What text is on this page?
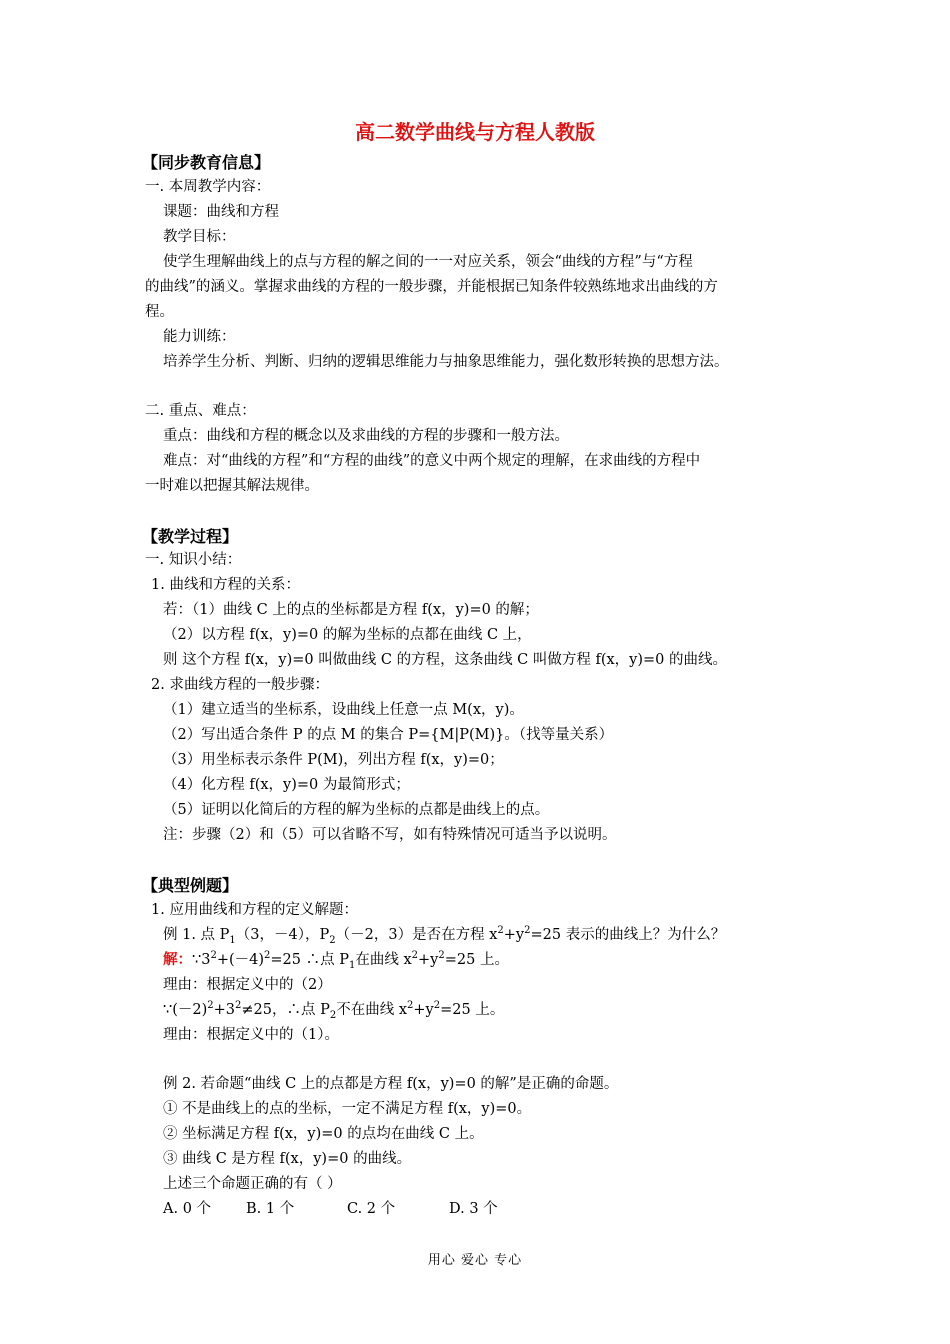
高二数学曲线与方程人教版
【同步教育信息】
一. 本周教学内容：
课题：曲线和方程
教学目标：
使学生理解曲线上的点与方程的解之间的一一对应关系，领会“曲线的方程”与“方程
的曲线”的涵义。掌握求曲线的方程的一般步骤，并能根据已知条件较熟练地求出曲线的方
程。
能力训练：
培养学生分析、判断、归纳的逻辑思维能力与抽象思维能力，强化数形转换的思想方法。
二. 重点、难点：
重点：曲线和方程的概念以及求曲线的方程的步骤和一般方法。
难点：对“曲线的方程”和“方程的曲线”的意义中两个规定的理解，在求曲线的方程中
一时难以把握其解法规律。
【教学过程】
一. 知识小结：
1. 曲线和方程的关系：
若：（1）曲线 C 上的点的坐标都是方程 f(x，y)=0 的解；
（2）以方程 f(x，y)=0 的解为坐标的点都在曲线 C 上，
则 这个方程 f(x，y)=0 叫做曲线 C 的方程，这条曲线 C 叫做方程 f(x，y)=0 的曲线。
2. 求曲线方程的一般步骤：
（1）建立适当的坐标系，设曲线上任意一点 M(x，y)。
（2）写出适合条件 P 的点 M 的集合 P={M|P(M)}。（找等量关系）
（3）用坐标表示条件 P(M)，列出方程 f(x，y)=0；
（4）化方程 f(x，y)=0 为最简形式；
（5）证明以化简后的方程的解为坐标的点都是曲线上的点。
注：步骤（2）和（5）可以省略不写，如有特殊情况可适当予以说明。
【典型例题】
1. 应用曲线和方程的定义解题：
例 1. 点 $P_1(3$，－4），$P_2(-2$，3）是否在方程 $x^2+y^2=25$ 表示的曲线上？为什么？
解：$\because 3^2+(-4)^2=25$ ∴点 $P_1$在曲线 $x^2+y^2=25$ 上。
理由：根据定义中的（2）
$\because(-2)^2+3^2\ne 25$，∴点 $P_2$不在曲线 $x^2+y^2=25$ 上。
理由：根据定义中的（1）。
例 2. 若命题“曲线 C 上的点都是方程 f(x，y)=0 的解”是正确的命题。
① 不是曲线上的点的坐标，一定不满足方程 f(x，y)=0。
② 坐标满足方程 f(x，y)=0 的点均在曲线 C 上。
③ 曲线 C 是方程 f(x，y)=0 的曲线。
上述三个命题正确的有（ ）
A. 0 个 B. 1 个	C. 2 个	D. 3 个
用心 爱心 专心
